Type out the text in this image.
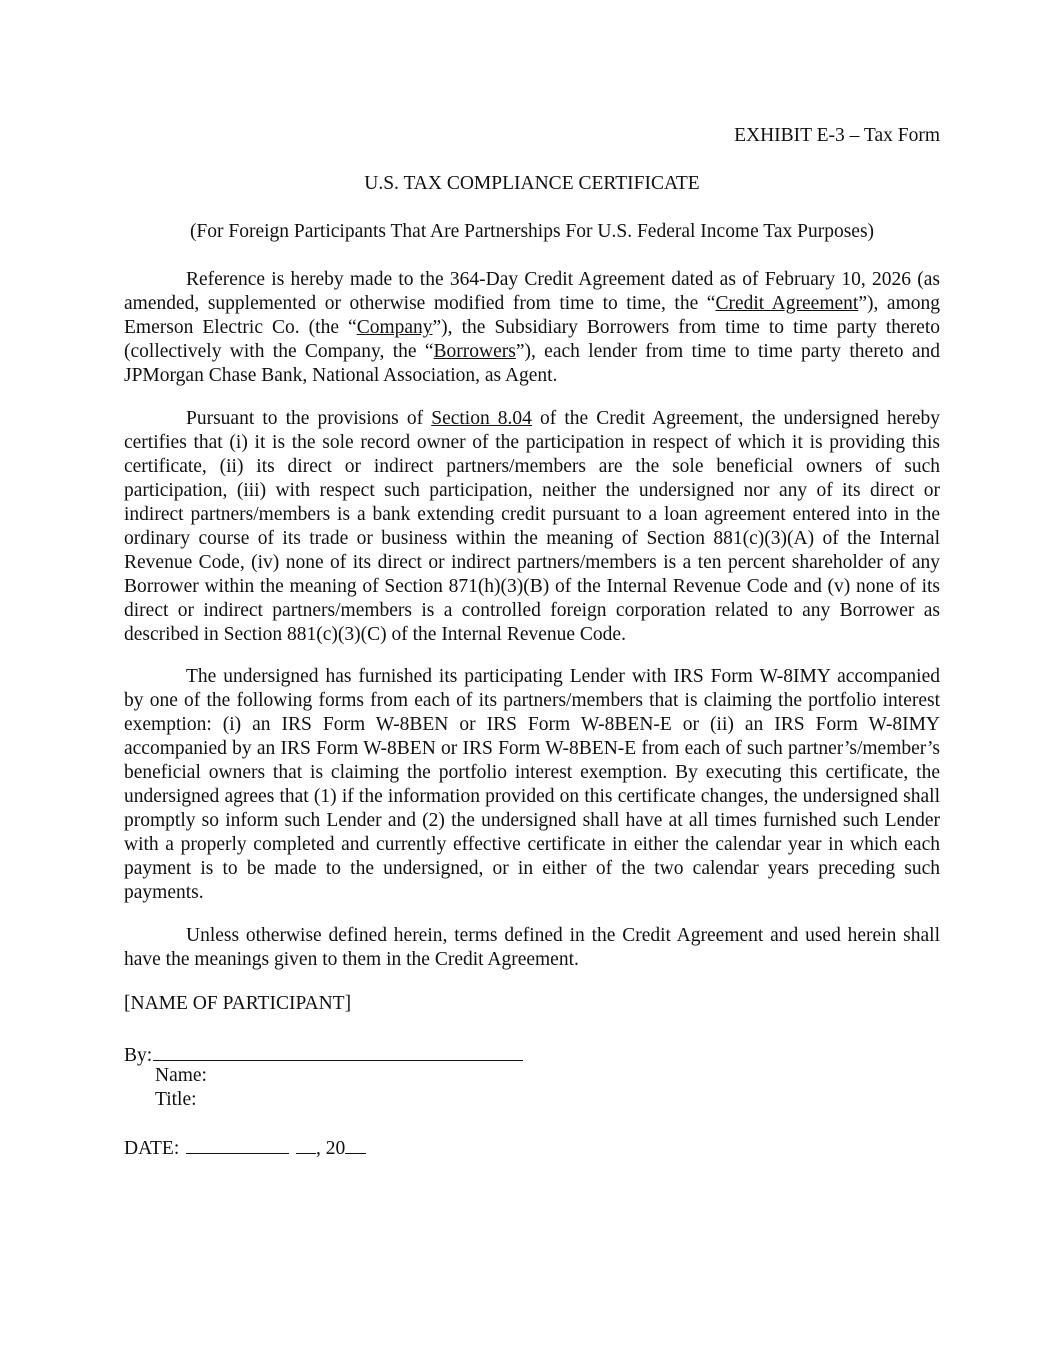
EXHIBIT E-3 – Tax Form
U.S. TAX COMPLIANCE CERTIFICATE
(For Foreign Participants That Are Partnerships For U.S. Federal Income Tax Purposes)

Reference is hereby made to the 364-Day Credit Agreement dated as of February 10, 2026 (as amended, supplemented or otherwise modified from time to time, the “Credit Agreement”), among Emerson Electric Co. (the “Company”), the Subsidiary Borrowers from time to time party thereto (collectively with the Company, the “Borrowers”), each lender from time to time party thereto and JPMorgan Chase Bank, National Association, as Agent.

Pursuant to the provisions of Section 8.04 of the Credit Agreement, the undersigned hereby certifies that (i) it is the sole record owner of the participation in respect of which it is providing this certificate, (ii) its direct or indirect partners/members are the sole beneficial owners of such participation, (iii) with respect such participation, neither the undersigned nor any of its direct or indirect partners/members is a bank extending credit pursuant to a loan agreement entered into in the ordinary course of its trade or business within the meaning of Section 881(c)(3)(A) of the Internal Revenue Code, (iv) none of its direct or indirect partners/members is a ten percent shareholder of any Borrower within the meaning of Section 871(h)(3)(B) of the Internal Revenue Code and (v) none of its direct or indirect partners/members is a controlled foreign corporation related to any Borrower as described in Section 881(c)(3)(C) of the Internal Revenue Code.

The undersigned has furnished its participating Lender with IRS Form W-8IMY accompanied by one of the following forms from each of its partners/members that is claiming the portfolio interest exemption: (i) an IRS Form W-8BEN or IRS Form W-8BEN-E or (ii) an IRS Form W-8IMY accompanied by an IRS Form W-8BEN or IRS Form W-8BEN-E from each of such partner’s/member’s beneficial owners that is claiming the portfolio interest exemption. By executing this certificate, the undersigned agrees that (1) if the information provided on this certificate changes, the undersigned shall promptly so inform such Lender and (2) the undersigned shall have at all times furnished such Lender with a properly completed and currently effective certificate in either the calendar year in which each payment is to be made to the undersigned, or in either of the two calendar years preceding such payments.

Unless otherwise defined herein, terms defined in the Credit Agreement and used herein shall have the meanings given to them in the Credit Agreement.

[NAME OF PARTICIPANT]
By:
Name:
Title:
DATE:	, 20
